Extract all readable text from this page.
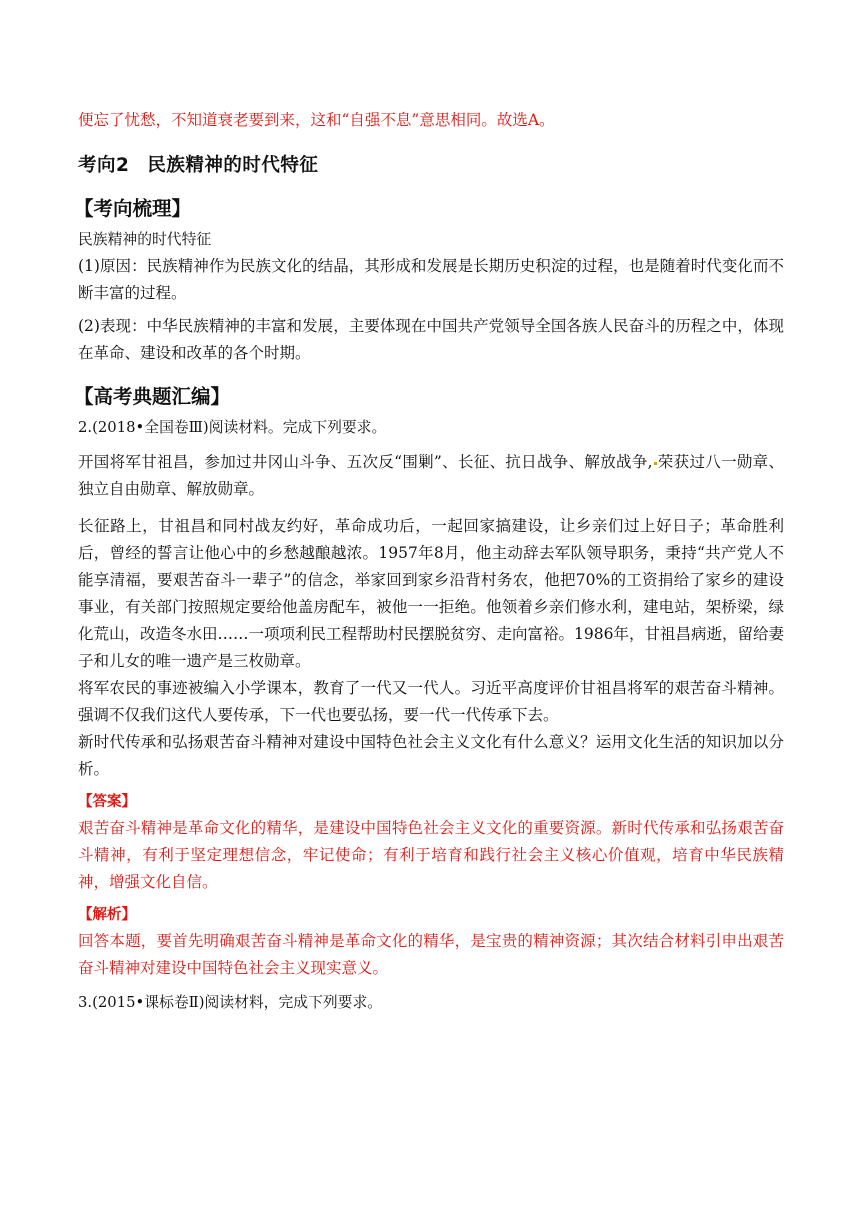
便忘了忧愁，不知道衰老要到来，这和“自强不息”意思相同。故选A。

考向2 民族精神的时代特征
【考向梳理】

民族精神的时代特征

(1)原因：民族精神作为民族文化的结晶，其形成和发展是长期历史积淀的过程，也是随着时代变化而不断丰富的过程。

(2)表现：中华民族精神的丰富和发展，主要体现在中国共产党领导全国各族人民奋斗的历程之中，体现在革命、建设和改革的各个时期。

【高考典题汇编】

2.(2018•全国卷Ⅲ)阅读材料。完成下列要求。

开国将军甘祖昌，参加过井冈山斗争、五次反“围剿”、长征、抗日战争、解放战争, 荣获过八一勋章、独立自由勋章、解放勋章。

长征路上，甘祖昌和同村战友约好，革命成功后，一起回家搞建设，让乡亲们过上好日子；革命胜利后，曾经的誓言让他心中的乡愁越酿越浓。1957年8月，他主动辞去军队领导职务，秉持“共产党人不能享清福，要艰苦奋斗一辈子”的信念，举家回到家乡沿背村务农，他把70%的工资捐给了家乡的建设事业，有关部门按照规定要给他盖房配车，被他一一拒绝。他领着乡亲们修水利，建电站，架桥梁，绿化荒山，改造冬水田……一项项利民工程帮助村民摆脱贫穷、走向富裕。1986年，甘祖昌病逝，留给妻子和儿女的唯一遗产是三枚勋章。

将军农民的事迹被编入小学课本，教育了一代又一代人。习近平高度评价甘祖昌将军的艰苦奋斗精神。强调不仅我们这代人要传承，下一代也要弘扬，要一代一代传承下去。

新时代传承和弘扬艰苦奋斗精神对建设中国特色社会主义文化有什么意义？运用文化生活的知识加以分析。

【答案】

艰苦奋斗精神是革命文化的精华，是建设中国特色社会主义文化的重要资源。新时代传承和弘扬艰苦奋斗精神，有利于坚定理想信念，牢记使命；有利于培育和践行社会主义核心价值观，培育中华民族精神，增强文化自信。

【解析】

回答本题，要首先明确艰苦奋斗精神是革命文化的精华，是宝贵的精神资源；其次结合材料引申出艰苦奋斗精神对建设中国特色社会主义现实意义。

3.(2015•课标卷Ⅱ)阅读材料，完成下列要求。
